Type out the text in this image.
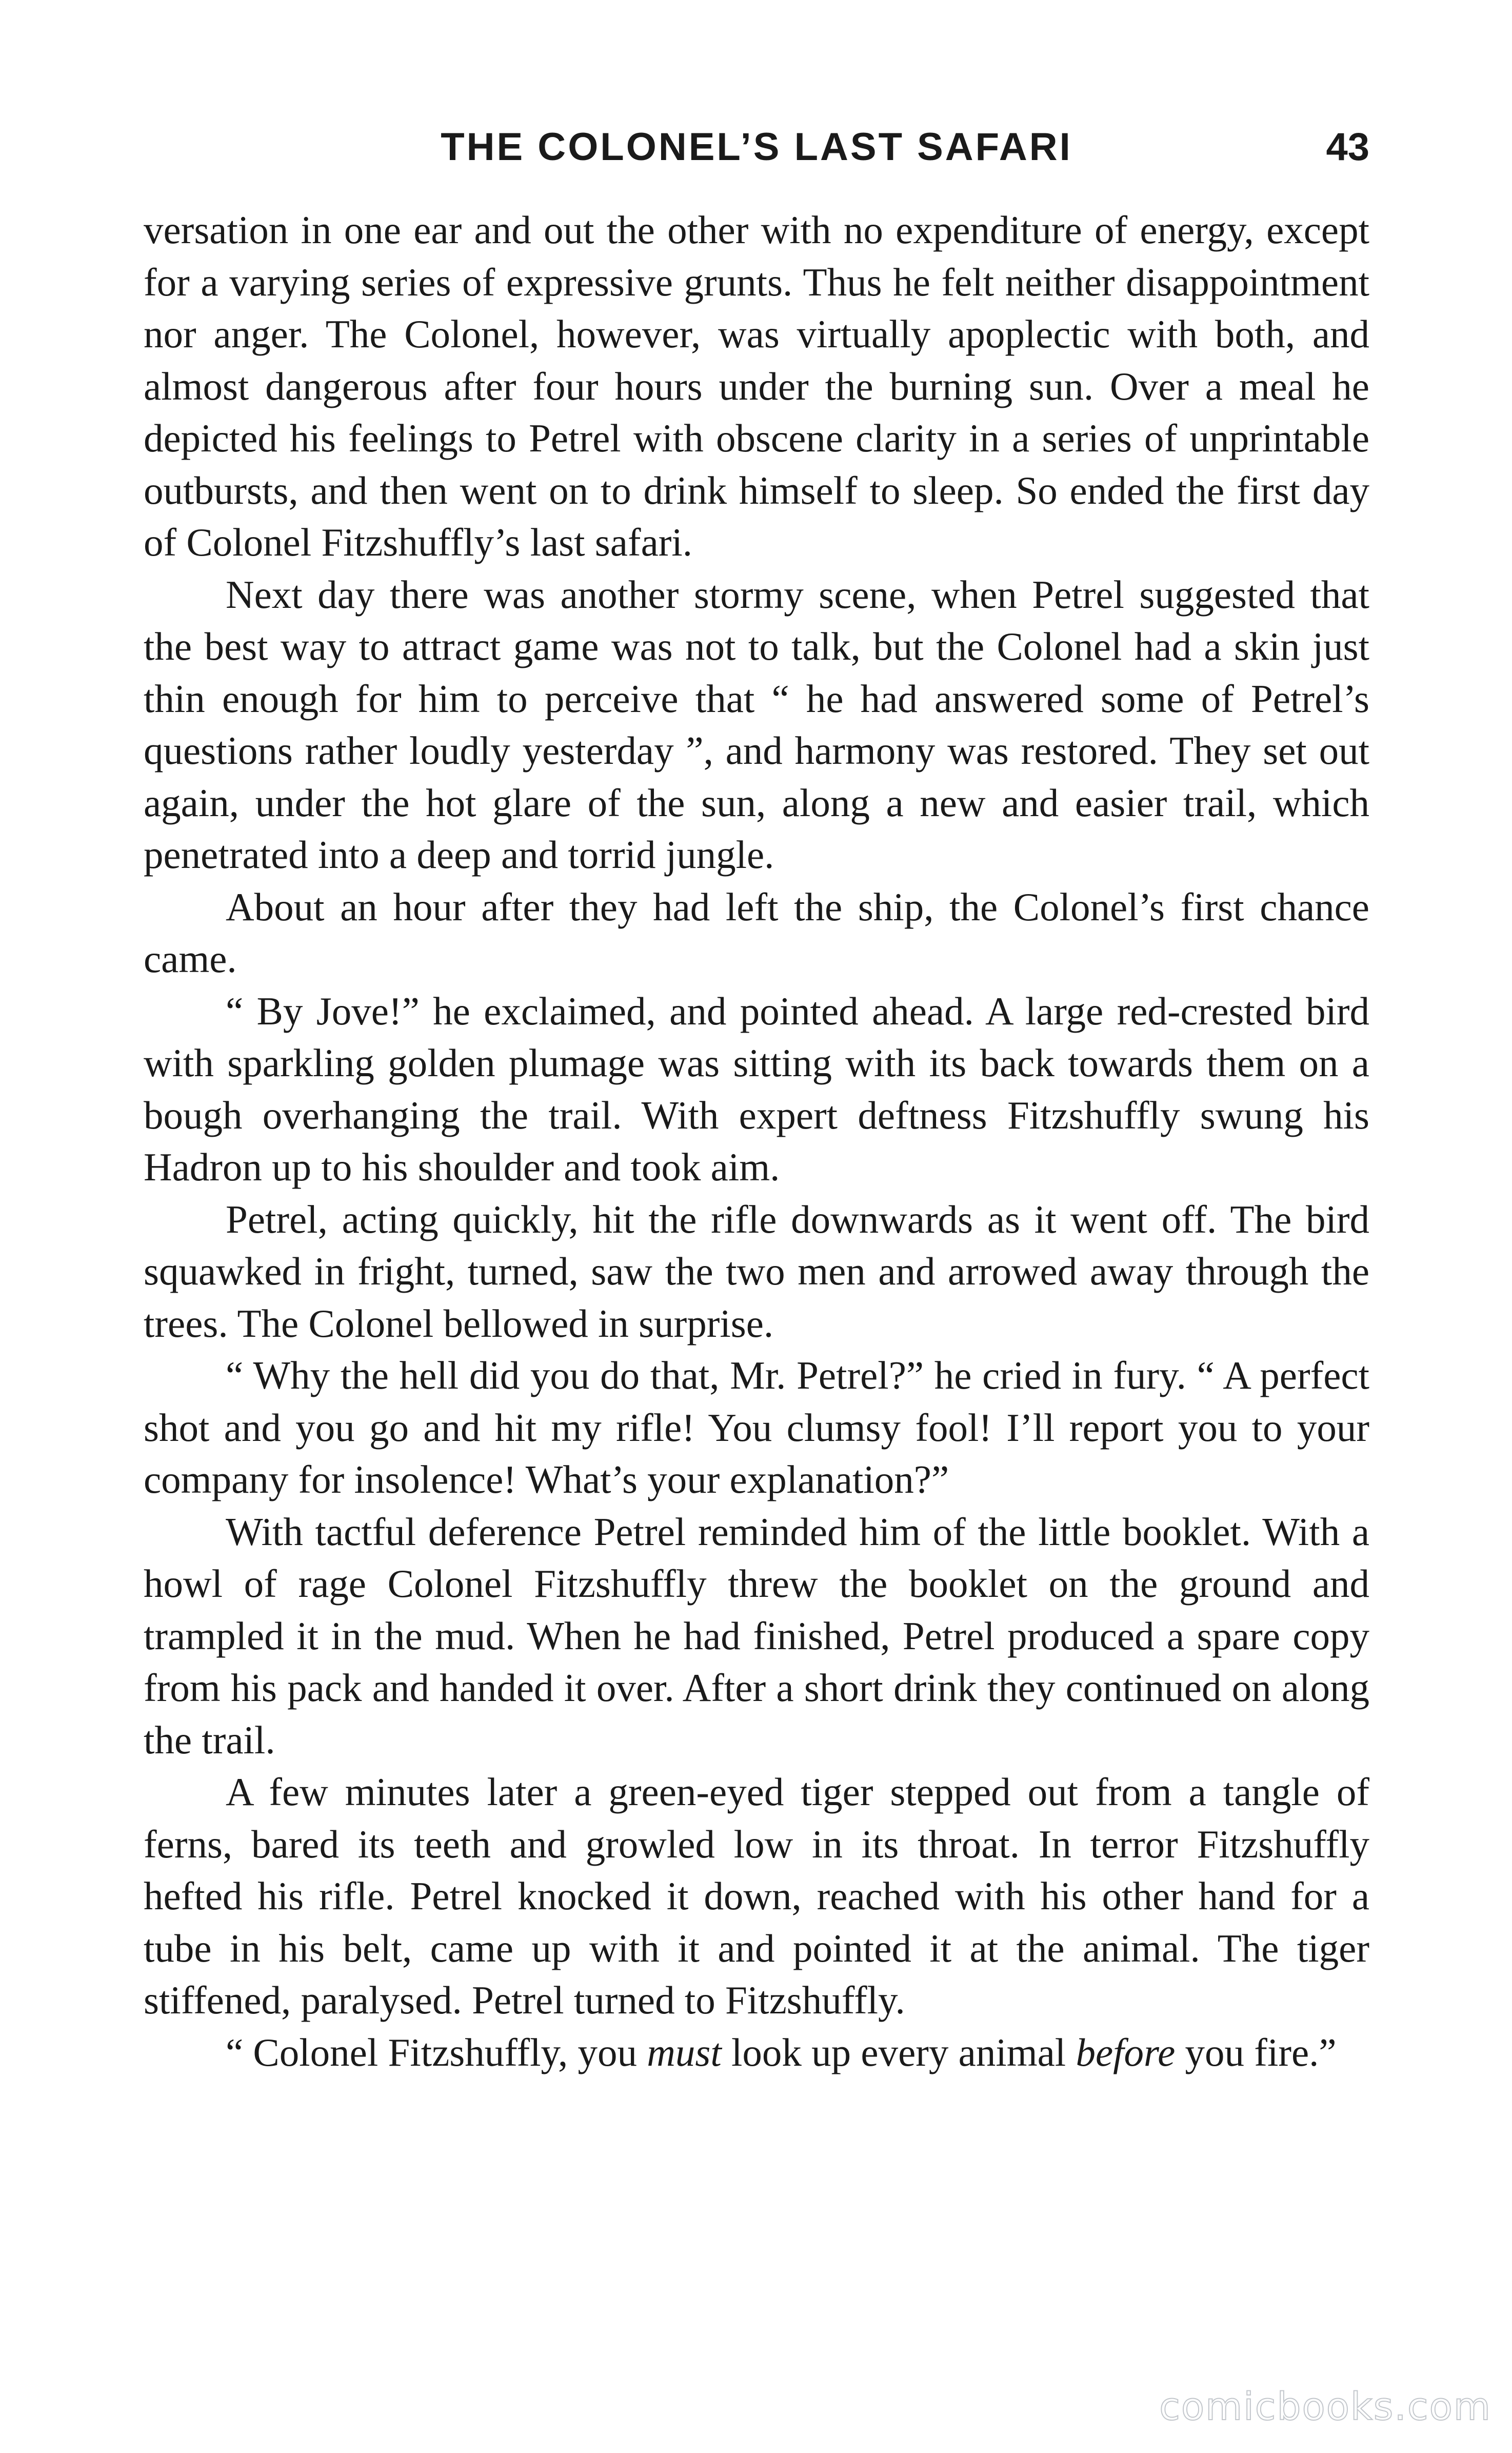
THE COLONEL’S LAST SAFARI	43

versation in one ear and out the other with no expenditure of energy, except for a varying series of expressive grunts. Thus he felt neither disappointment nor anger. The Colonel, however, was virtually apoplectic with both, and almost dangerous after four hours under the burning sun. Over a meal he depicted his feelings to Petrel with obscene clarity in a series of unprintable outbursts, and then went on to drink himself to sleep. So ended the first day of Colonel Fitzshuffly’s last safari.

Next day there was another stormy scene, when Petrel suggested that the best way to attract game was not to talk, but the Colonel had a skin just thin enough for him to perceive that “ he had answered some of Petrel’s questions rather loudly yesterday ”, and harmony was restored. They set out again, under the hot glare of the sun, along a new and easier trail, which penetrated into a deep and torrid jungle.

About an hour after they had left the ship, the Colonel’s first chance came.

“ By Jove!” he exclaimed, and pointed ahead. A large red-crested bird with sparkling golden plumage was sitting with its back towards them on a bough overhanging the trail. With expert deftness Fitzshuffly swung his Hadron up to his shoulder and took aim.

Petrel, acting quickly, hit the rifle downwards as it went off. The bird squawked in fright, turned, saw the two men and arrowed away through the trees. The Colonel bellowed in surprise.

“ Why the hell did you do that, Mr. Petrel?” he cried in fury. “ A perfect shot and you go and hit my rifle! You clumsy fool! I’ll report you to your company for insolence! What’s your explanation?”

With tactful deference Petrel reminded him of the little booklet. With a howl of rage Colonel Fitzshuffly threw the booklet on the ground and trampled it in the mud. When he had finished, Petrel produced a spare copy from his pack and handed it over. After a short drink they continued on along the trail.

A few minutes later a green-eyed tiger stepped out from a tangle of ferns, bared its teeth and growled low in its throat. In terror Fitzshuffly hefted his rifle. Petrel knocked it down, reached with his other hand for a tube in his belt, came up with it and pointed it at the animal. The tiger stiffened, paralysed. Petrel turned to Fitzshuffly.

“ Colonel Fitzshuffly, you must look up every animal before you fire.”

comicbooks.com
